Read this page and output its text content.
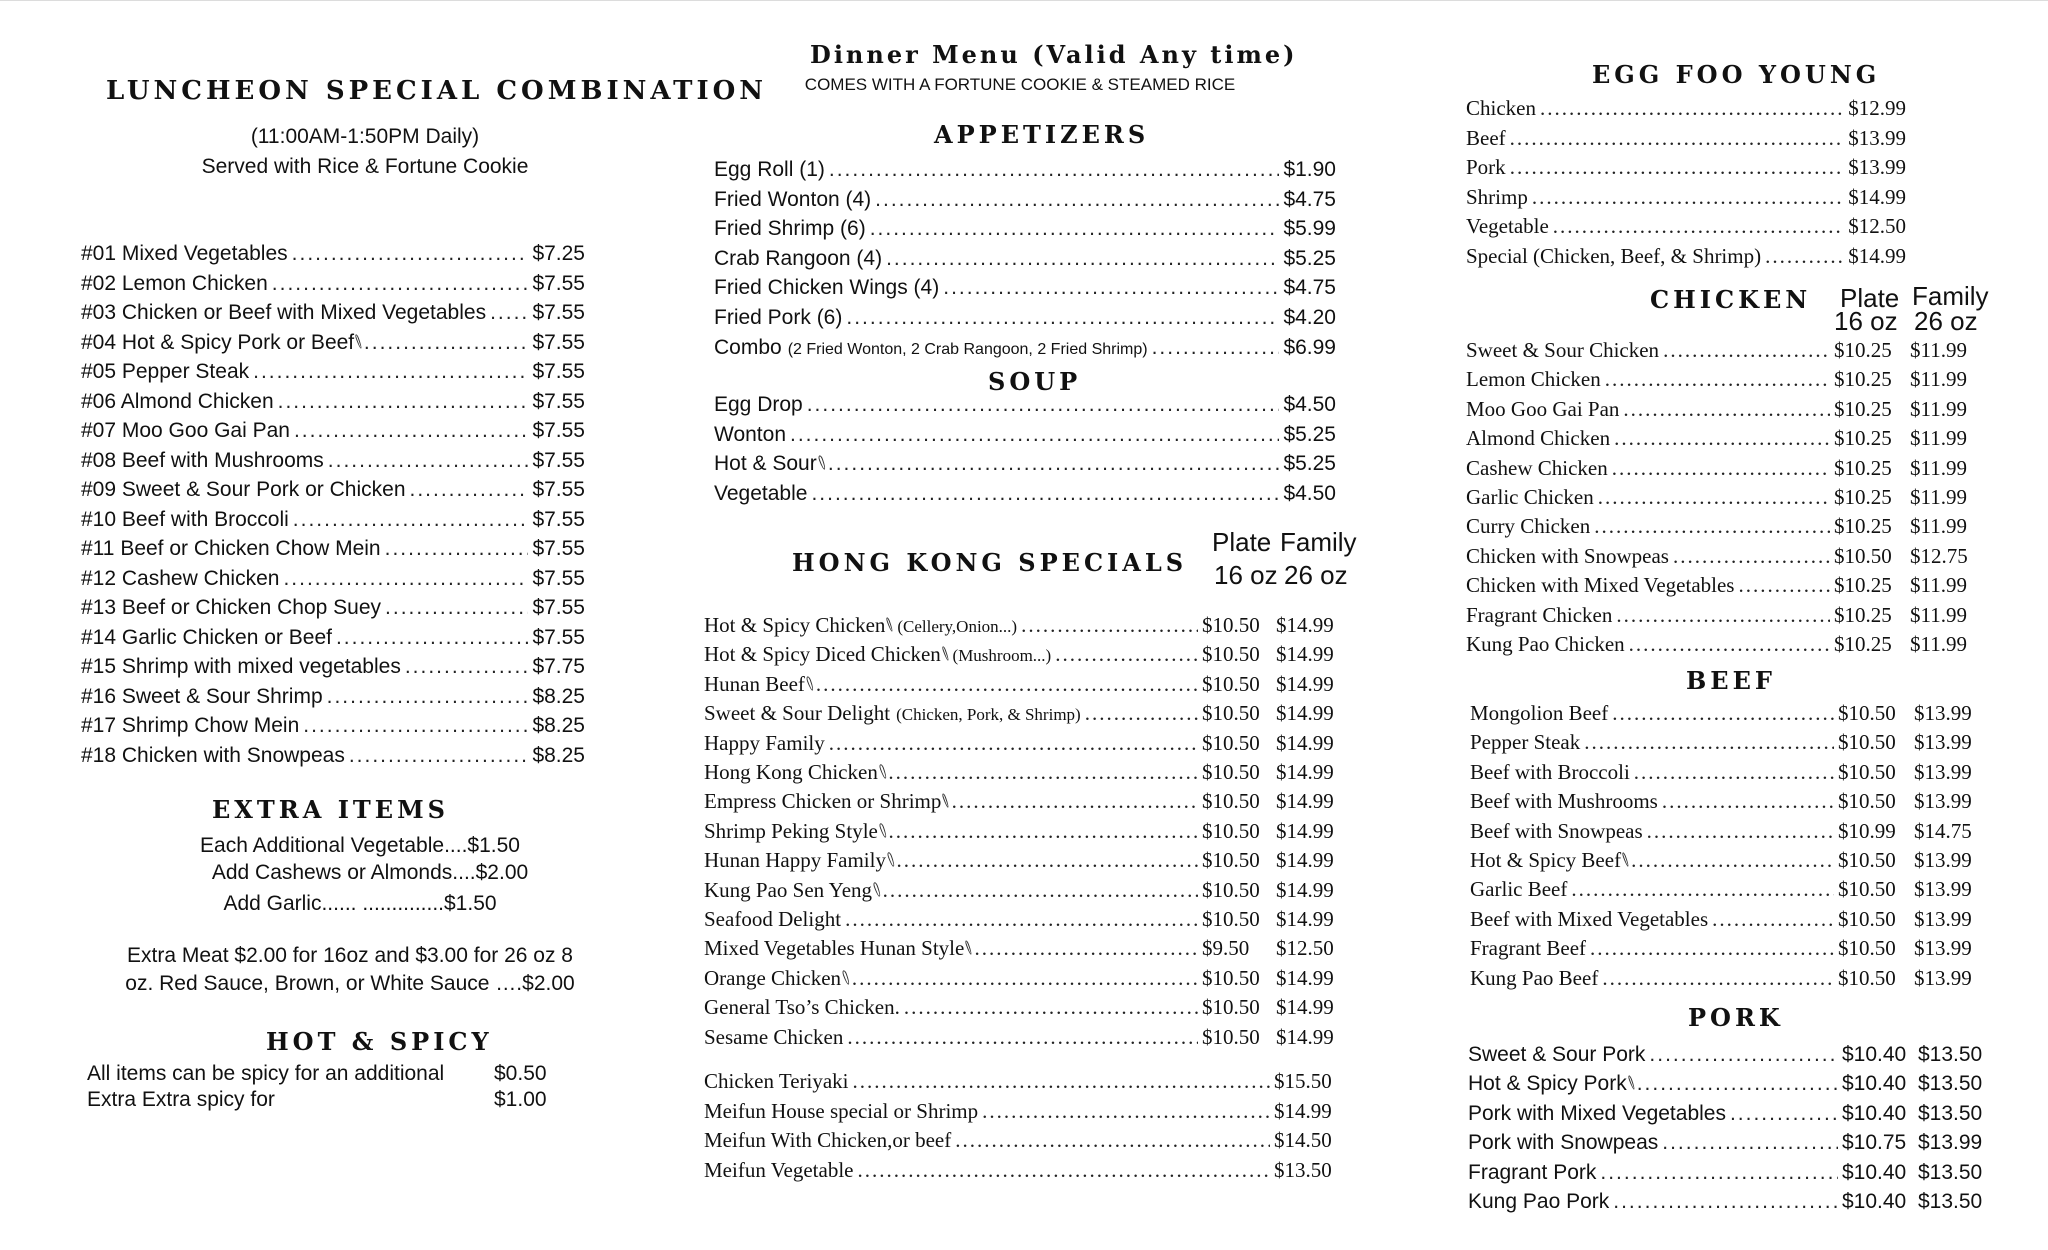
LUNCHEON SPECIAL COMBINATION
(11:00AM-1:50PM Daily)
Served with Rice & Fortune Cookie
#01 Mixed Vegetables .....	$7.25
#02 Lemon Chicken .....	$7.55
#03 Chicken or Beef with Mixed Vegetables ..... $7.55
#04 Hot & Spicy Pork or Beef .....	$7.55
#05 Pepper Steak .....	$7.55
#06 Almond Chicken .....	$7.55
#07 Moo Goo Gai Pan .....	$7.55
#08 Beef with Mushrooms .....	$7.55
#09 Sweet & Sour Pork or Chicken .....	$7.55
#10 Beef with Broccoli .....	$7.55
#11 Beef or Chicken Chow Mein .....	$7.55
#12 Cashew Chicken .....	$7.55
#13 Beef or Chicken Chop Suey .....	$7.55
#14 Garlic Chicken or Beef .....	$7.55
#15 Shrimp with mixed vegetables .....	$7.75
#16 Sweet & Sour Shrimp .....	$8.25
#17 Shrimp Chow Mein .....	$8.25
#18 Chicken with Snowpeas .....	$8.25
EXTRA ITEMS
Each Additional Vegetable....$1.50
Add Cashews or Almonds....$2.00
Add Garlic...... ..............$1.50
Extra Meat $2.00 for 16oz and $3.00 for 26 oz 8
oz. Red Sauce, Brown, or White Sauce ….$2.00
HOT & SPICY
All items can be spicy for an additional $0.50
Extra Extra spicy for	$1.00
Dinner Menu (Valid Any time)
COMES WITH A FORTUNE COOKIE & STEAMED RICE
APPETIZERS
Egg Roll (1) .....	$1.90
Fried Wonton (4) .....	$4.75
Fried Shrimp (6) .....	$5.99
Crab Rangoon (4) .....	$5.25
Fried Chicken Wings (4) .....	$4.75
Fried Pork (6) .....	$4.20
Combo (2 Fried Wonton, 2 Crab Rangoon, 2 Fried Shrimp) .....	$6.99
SOUP
Egg Drop .....	$4.50
Wonton .....	$5.25
Hot & Sour .....	$5.25
Vegetable .....	$4.50
HONG KONG SPECIALS
Plate Family
16 oz 26 oz
Hot & Spicy Chicken (Cellery,Onion...) .....	$10.50 $14.99
Hot & Spicy Diced Chicken (Mushroom...) .....	$10.50 $14.99
Hunan Beef .....	$10.50 $14.99
Sweet & Sour Delight (Chicken, Pork, & Shrimp) .....	$10.50 $14.99
Happy Family .....	$10.50 $14.99
Hong Kong Chicken .....	$10.50 $14.99
Empress Chicken or Shrimp .....	$10.50 $14.99
Shrimp Peking Style .....	$10.50 $14.99
Hunan Happy Family .....	$10.50 $14.99
Kung Pao Sen Yeng .....	$10.50 $14.99
Seafood Delight .....	$10.50 $14.99
Mixed Vegetables Hunan Style .....	$9.50	$12.50
Orange Chicken .....	$10.50 $14.99
General Tso’s Chicken. .....	$10.50 $14.99
Sesame Chicken .....	$10.50 $14.99
Chicken Teriyaki .....	$15.50
Meifun House special or Shrimp .....	$14.99
Meifun With Chicken,or beef .....	$14.50
Meifun Vegetable .....	$13.50
EGG FOO YOUNG
Chicken .....	$12.99
Beef .....	$13.99
Pork .....	$13.99
Shrimp .....	$14.99
Vegetable .....	$12.50
Special (Chicken, Beef, & Shrimp) .....	$14.99
CHICKEN Plate Family
16 oz 26 oz
Sweet & Sour Chicken .....	$10.25 $11.99
Lemon Chicken .....	$10.25 $11.99
Moo Goo Gai Pan .....	$10.25 $11.99
Almond Chicken .....	$10.25 $11.99
Cashew Chicken .....	$10.25 $11.99
Garlic Chicken .....	$10.25 $11.99
Curry Chicken .....	$10.25 $11.99
Chicken with Snowpeas .....	$10.50 $12.75
Chicken with Mixed Vegetables .....	$10.25 $11.99
Fragrant Chicken .....	$10.25 $11.99
Kung Pao Chicken .....	$10.25 $11.99
BEEF
Mongolion Beef .....	$10.50 $13.99
Pepper Steak .....	$10.50 $13.99
Beef with Broccoli .....	$10.50 $13.99
Beef with Mushrooms .....	$10.50 $13.99
Beef with Snowpeas .....	$10.99 $14.75
Hot & Spicy Beef .....	$10.50 $13.99
Garlic Beef .....	$10.50 $13.99
Beef with Mixed Vegetables .....	$10.50 $13.99
Fragrant Beef .....	$10.50 $13.99
Kung Pao Beef .....	$10.50 $13.99
PORK
Sweet & Sour Pork .....	$10.40 $13.50
Hot & Spicy Pork .....	$10.40 $13.50
Pork with Mixed Vegetables .....	$10.40 $13.50
Pork with Snowpeas .....	$10.75 $13.99
Fragrant Pork .....	$10.40 $13.50
Kung Pao Pork .....	$10.40 $13.50
